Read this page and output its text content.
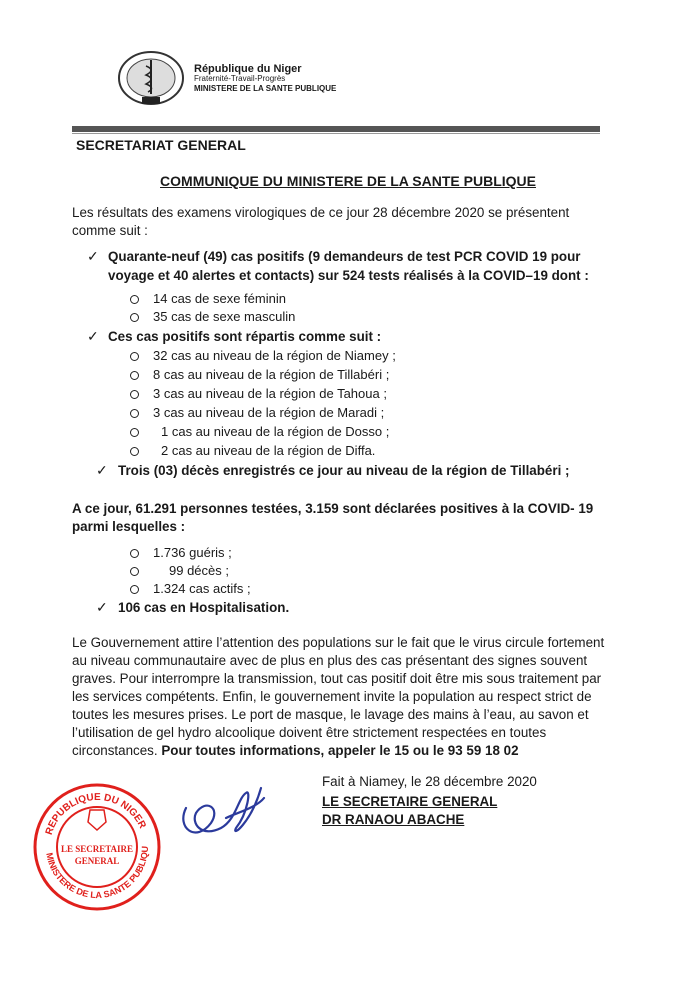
République du Niger
Fraternité-Travail-Progrès
MINISTERE DE LA SANTE PUBLIQUE
SECRETARIAT GENERAL
COMMUNIQUE DU MINISTERE DE LA SANTE PUBLIQUE
Les résultats des examens virologiques de ce jour 28 décembre 2020 se présentent
comme suit :
✓ Quarante-neuf (49) cas positifs (9 demandeurs de test PCR COVID 19 pour
voyage et 40 alertes et contacts) sur 524 tests réalisés à la COVID–19 dont :
14 cas de sexe féminin
35 cas de sexe masculin
✓ Ces cas positifs sont répartis comme suit :
32 cas au niveau de la région de Niamey ;
8 cas au niveau de la région de Tillabéri ;
3 cas au niveau de la région de Tahoua ;
3 cas au niveau de la région de Maradi ;
1 cas au niveau de la région de Dosso ;
2 cas au niveau de la région de Diffa.
✓ Trois (03) décès enregistrés ce jour au niveau de la région de Tillabéri ;
A ce jour, 61.291 personnes testées, 3.159 sont déclarées positives à la COVID- 19
parmi lesquelles :
1.736 guéris ;
99 décès ;
1.324 cas actifs ;
✓ 106 cas en Hospitalisation.
Le Gouvernement attire l’attention des populations sur le fait que le virus circule fortement
au niveau communautaire avec de plus en plus des cas présentant des signes souvent
graves. Pour interrompre la transmission, tout cas positif doit être mis sous traitement par
les services compétents. Enfin, le gouvernement invite la population au respect strict de
toutes les mesures prises. Le port de masque, le lavage des mains à l’eau, au savon et
l’utilisation de gel hydro alcoolique doivent être strictement respectées en toutes
circonstances. Pour toutes informations, appeler le 15 ou le 93 59 18 02
Fait à Niamey, le 28 décembre 2020
LE SECRETAIRE GENERAL
DR RANAOU ABACHE
REPUBLIQUE DU NIGER
MINISTERE DE LA SANTE PUBLIQU
LE SECRETAIRE
GENERAL
